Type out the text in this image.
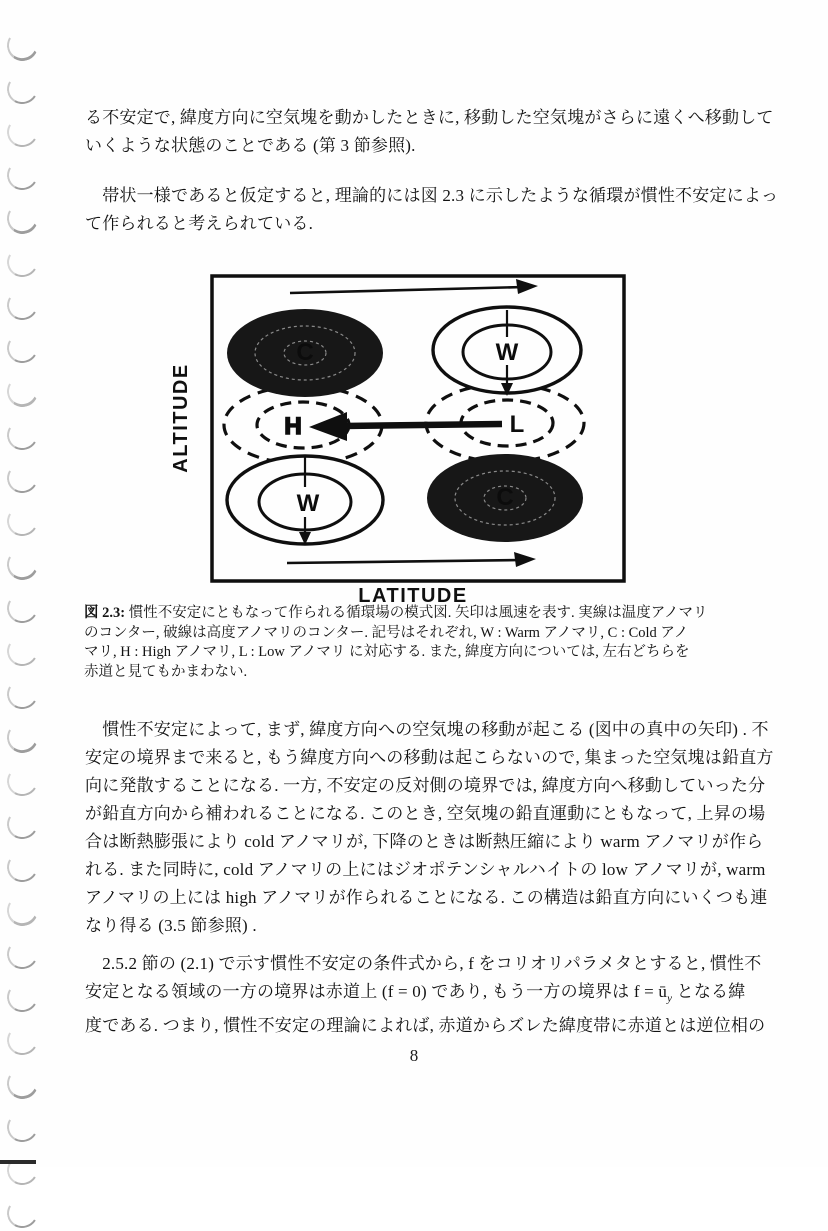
る不安定で, 緯度方向に空気塊を動かしたときに, 移動した空気塊がさらに遠くへ移動して
いくような状態のことである (第 3 節参照).
　帯状一様であると仮定すると, 理論的には図 2.3 に示したような循環が慣性不安定によっ
て作られると考えられている.
C	W
H	L
W	C
ALTITUDE
LATITUDE
図 2.3: 慣性不安定にともなって作られる循環場の模式図. 矢印は風速を表す. 実線は温度アノマリ
のコンター, 破線は高度アノマリのコンター. 記号はそれぞれ, W : Warm アノマリ, C : Cold アノ
マリ, H : High アノマリ, L : Low アノマリ に対応する. また, 緯度方向については, 左右どちらを
赤道と見てもかまわない.
　慣性不安定によって, まず, 緯度方向への空気塊の移動が起こる (図中の真中の矢印) . 不
安定の境界まで来ると, もう緯度方向への移動は起こらないので, 集まった空気塊は鉛直方
向に発散することになる. 一方, 不安定の反対側の境界では, 緯度方向へ移動していった分
が鉛直方向から補われることになる. このとき, 空気塊の鉛直運動にともなって, 上昇の場
合は断熱膨張により cold アノマリが, 下降のときは断熱圧縮により warm アノマリが作ら
れる. また同時に, cold アノマリの上にはジオポテンシャルハイトの low アノマリが, warm
アノマリの上には high アノマリが作られることになる. この構造は鉛直方向にいくつも連
なり得る (3.5 節参照) .
　2.5.2 節の (2.1) で示す慣性不安定の条件式から, f をコリオリパラメタとすると, 慣性不
安定となる領域の一方の境界は赤道上 (f = 0) であり, もう一方の境界は $f = ū_y$ となる緯
度である. つまり, 慣性不安定の理論によれば, 赤道からズレた緯度帯に赤道とは逆位相の
8
